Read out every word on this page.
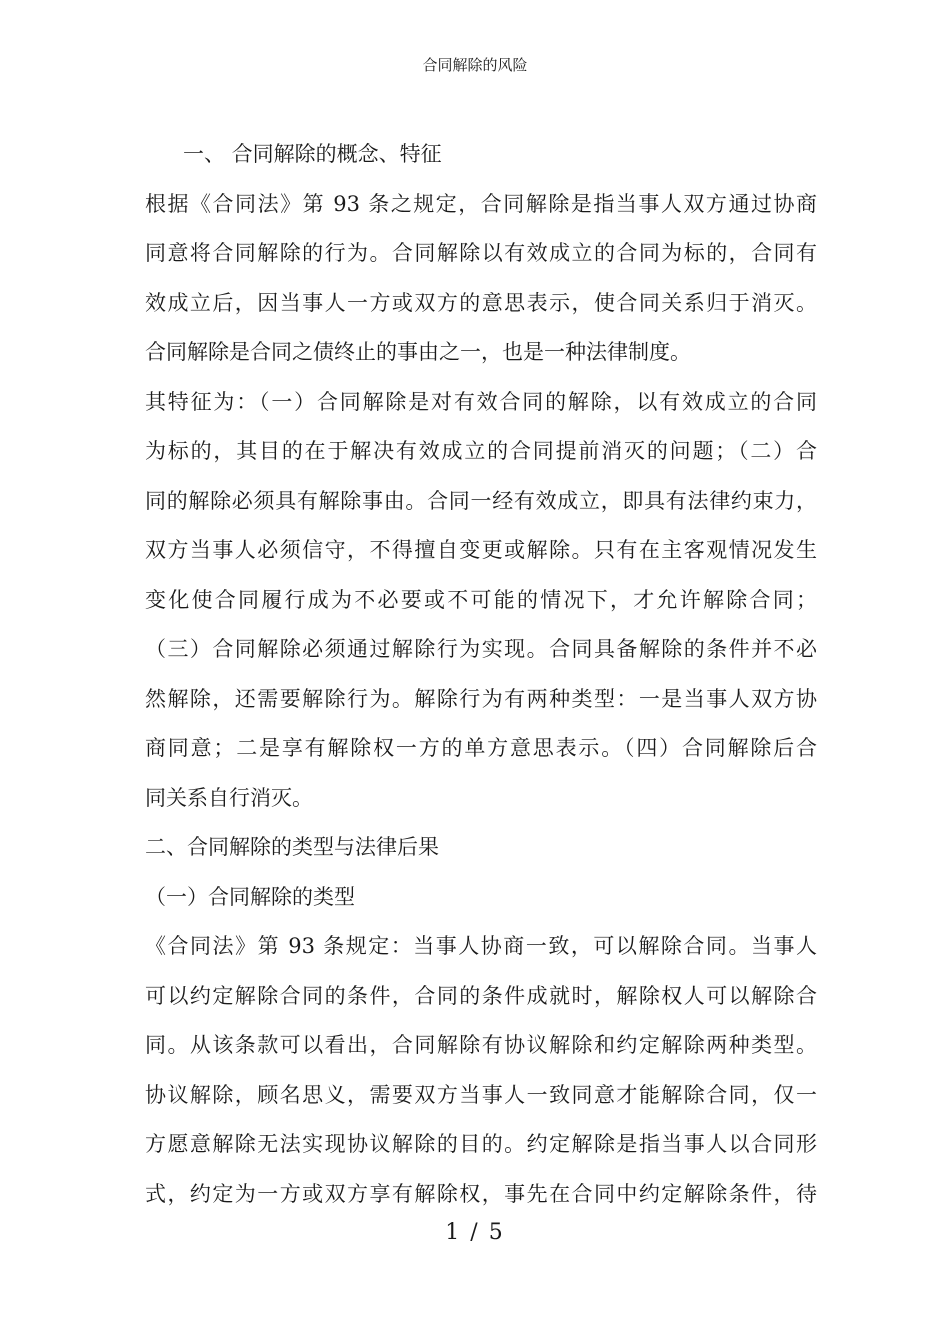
合同解除的风险
一、 合同解除的概念、特征
根据《合同法》第 93 条之规定，合同解除是指当事人双方通过协商
同意将合同解除的行为。合同解除以有效成立的合同为标的，合同有
效成立后，因当事人一方或双方的意思表示，使合同关系归于消灭。
合同解除是合同之债终止的事由之一，也是一种法律制度。
其特征为：（一）合同解除是对有效合同的解除，以有效成立的合同
为标的，其目的在于解决有效成立的合同提前消灭的问题；（二）合
同的解除必须具有解除事由。合同一经有效成立，即具有法律约束力，
双方当事人必须信守，不得擅自变更或解除。只有在主客观情况发生
变化使合同履行成为不必要或不可能的情况下，才允许解除合同；
（三）合同解除必须通过解除行为实现。合同具备解除的条件并不必
然解除，还需要解除行为。解除行为有两种类型：一是当事人双方协
商同意；二是享有解除权一方的单方意思表示。（四）合同解除后合
同关系自行消灭。
二、合同解除的类型与法律后果
（一）合同解除的类型
《合同法》第 93 条规定：当事人协商一致，可以解除合同。当事人
可以约定解除合同的条件，合同的条件成就时，解除权人可以解除合
同。从该条款可以看出，合同解除有协议解除和约定解除两种类型。
协议解除，顾名思义，需要双方当事人一致同意才能解除合同，仅一
方愿意解除无法实现协议解除的目的。约定解除是指当事人以合同形
式，约定为一方或双方享有解除权，事先在合同中约定解除条件，待
1 / 5
